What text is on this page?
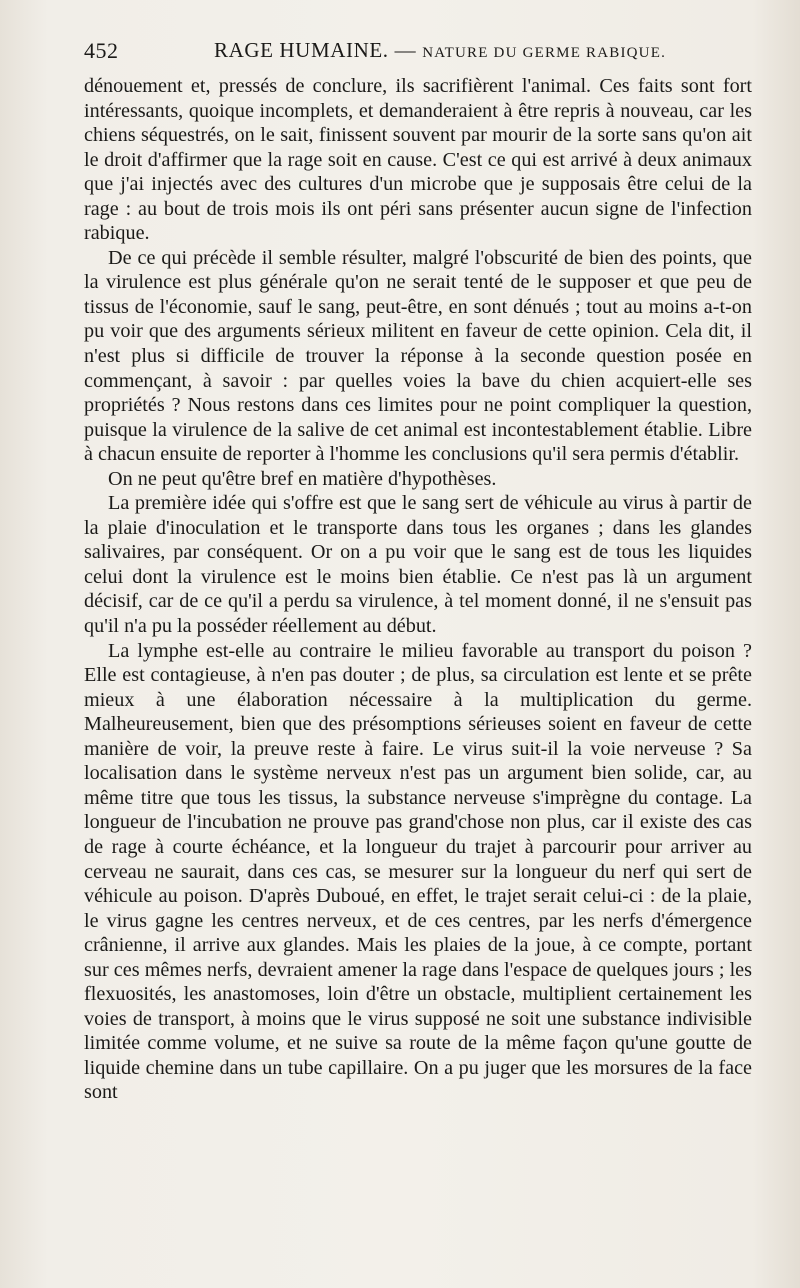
452	RAGE HUMAINE. — NATURE DU GERME RABIQUE.

dénouement et, pressés de conclure, ils sacrifièrent l'animal. Ces faits sont fort intéressants, quoique incomplets, et demanderaient à être repris à nouveau, car les chiens séquestrés, on le sait, finissent souvent par mourir de la sorte sans qu'on ait le droit d'affirmer que la rage soit en cause. C'est ce qui est arrivé à deux animaux que j'ai injectés avec des cultures d'un microbe que je supposais être celui de la rage : au bout de trois mois ils ont péri sans présenter aucun signe de l'infection rabique.

De ce qui précède il semble résulter, malgré l'obscurité de bien des points, que la virulence est plus générale qu'on ne serait tenté de le supposer et que peu de tissus de l'économie, sauf le sang, peut-être, en sont dénués ; tout au moins a-t-on pu voir que des arguments sérieux militent en faveur de cette opinion. Cela dit, il n'est plus si difficile de trouver la réponse à la seconde question posée en commençant, à savoir : par quelles voies la bave du chien acquiert-elle ses propriétés ? Nous restons dans ces limites pour ne point compliquer la question, puisque la virulence de la salive de cet animal est incontestablement établie. Libre à chacun ensuite de reporter à l'homme les conclusions qu'il sera permis d'établir.

On ne peut qu'être bref en matière d'hypothèses.

La première idée qui s'offre est que le sang sert de véhicule au virus à partir de la plaie d'inoculation et le transporte dans tous les organes ; dans les glandes salivaires, par conséquent. Or on a pu voir que le sang est de tous les liquides celui dont la virulence est le moins bien établie. Ce n'est pas là un argument décisif, car de ce qu'il a perdu sa virulence, à tel moment donné, il ne s'ensuit pas qu'il n'a pu la posséder réellement au début.

La lymphe est-elle au contraire le milieu favorable au transport du poison ? Elle est contagieuse, à n'en pas douter ; de plus, sa circulation est lente et se prête mieux à une élaboration nécessaire à la multiplication du germe. Malheureusement, bien que des présomptions sérieuses soient en faveur de cette manière de voir, la preuve reste à faire. Le virus suit-il la voie nerveuse ? Sa localisation dans le système nerveux n'est pas un argument bien solide, car, au même titre que tous les tissus, la substance nerveuse s'imprègne du contage. La longueur de l'incubation ne prouve pas grand'chose non plus, car il existe des cas de rage à courte échéance, et la longueur du trajet à parcourir pour arriver au cerveau ne saurait, dans ces cas, se mesurer sur la longueur du nerf qui sert de véhicule au poison. D'après Duboué, en effet, le trajet serait celui-ci : de la plaie, le virus gagne les centres nerveux, et de ces centres, par les nerfs d'émergence crânienne, il arrive aux glandes. Mais les plaies de la joue, à ce compte, portant sur ces mêmes nerfs, devraient amener la rage dans l'espace de quelques jours ; les flexuosités, les anastomoses, loin d'être un obstacle, multiplient certainement les voies de transport, à moins que le virus supposé ne soit une substance indivisible limitée comme volume, et ne suive sa route de la même façon qu'une goutte de liquide chemine dans un tube capillaire. On a pu juger que les morsures de la face sont
